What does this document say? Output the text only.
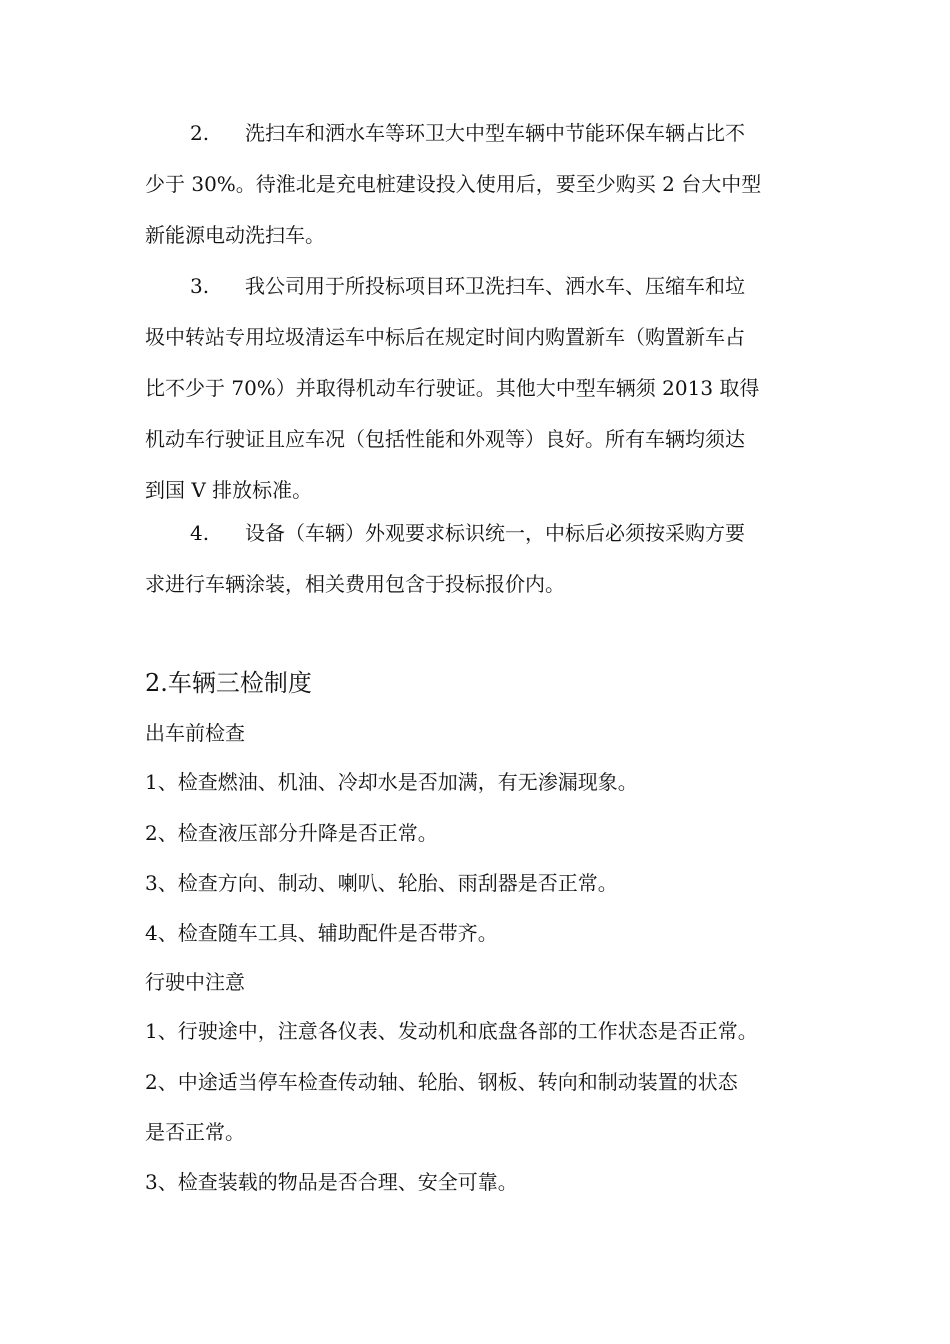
2. 洗扫车和洒水车等环卫大中型车辆中节能环保车辆占比不
少于 30%。待淮北是充电桩建设投入使用后，要至少购买 2 台大中型
新能源电动洗扫车。
3. 我公司用于所投标项目环卫洗扫车、洒水车、压缩车和垃
圾中转站专用垃圾清运车中标后在规定时间内购置新车（购置新车占
比不少于 70%）并取得机动车行驶证。其他大中型车辆须 2013 取得
机动车行驶证且应车况（包括性能和外观等）良好。所有车辆均须达
到国 V 排放标准。
4. 设备（车辆）外观要求标识统一，中标后必须按采购方要
求进行车辆涂装，相关费用包含于投标报价内。
2.车辆三检制度
出车前检查
1、检查燃油、机油、冷却水是否加满，有无渗漏现象。
2、检查液压部分升降是否正常。
3、检查方向、制动、喇叭、轮胎、雨刮器是否正常。
4、检查随车工具、辅助配件是否带齐。
行驶中注意
1、行驶途中，注意各仪表、发动机和底盘各部的工作状态是否正常。
2、中途适当停车检查传动轴、轮胎、钢板、转向和制动装置的状态
是否正常。
3、检查装载的物品是否合理、安全可靠。
